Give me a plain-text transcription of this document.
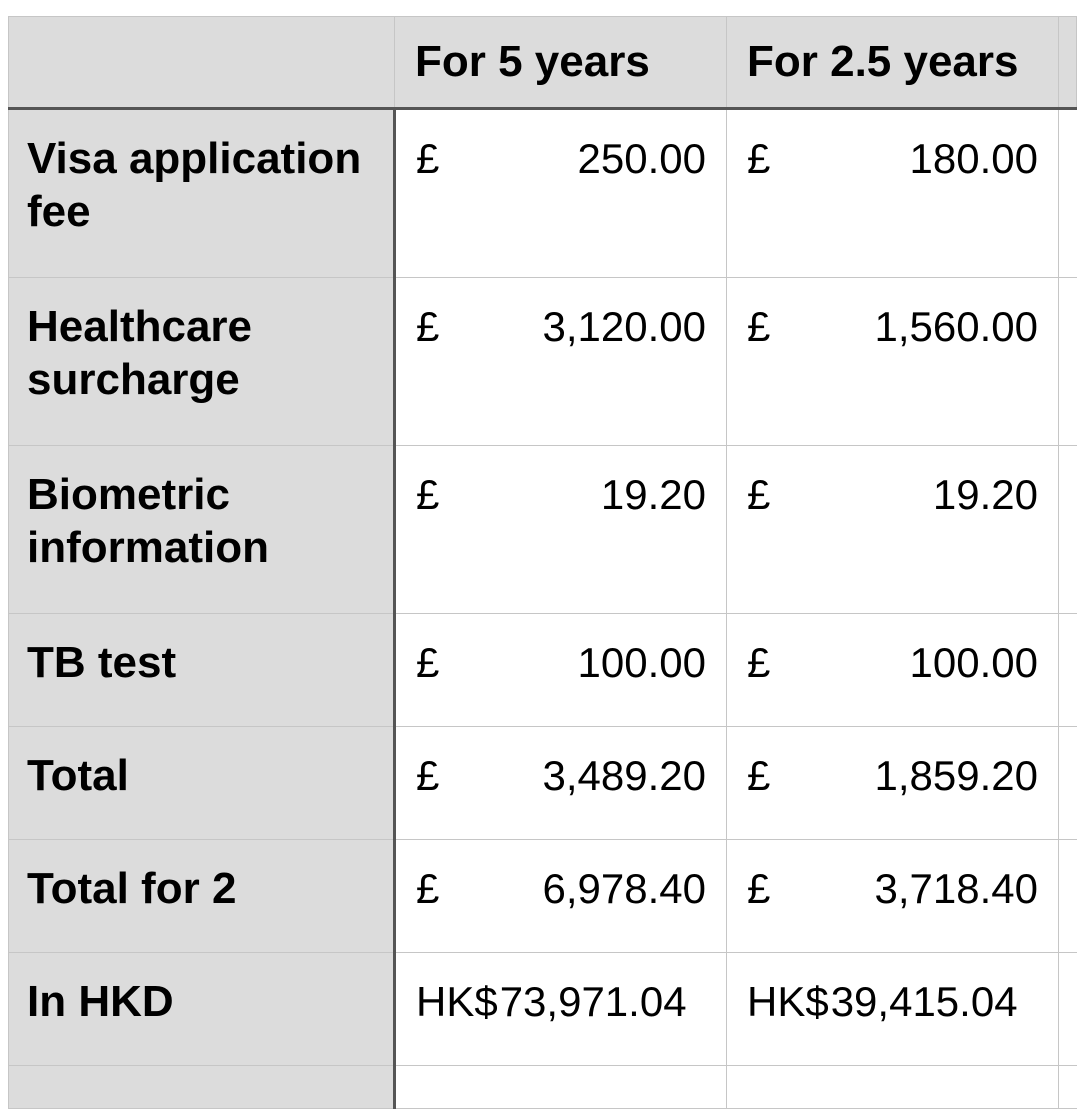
	For 5 years	For 2.5 years	
Visa application fee	£ 250.00	£ 180.00	

Healthcare surcharge	£ 3,120.00	£ 1,560.00	

Biometric information	£ 19.20	£ 19.20	

TB test	£ 100.00	£ 100.00	

Total	£ 3,489.20	£ 1,859.20	

Total for 2	£ 6,978.40	£ 3,718.40	

In HKD	HK$ 73,971.04	HK$ 39,415.04	
